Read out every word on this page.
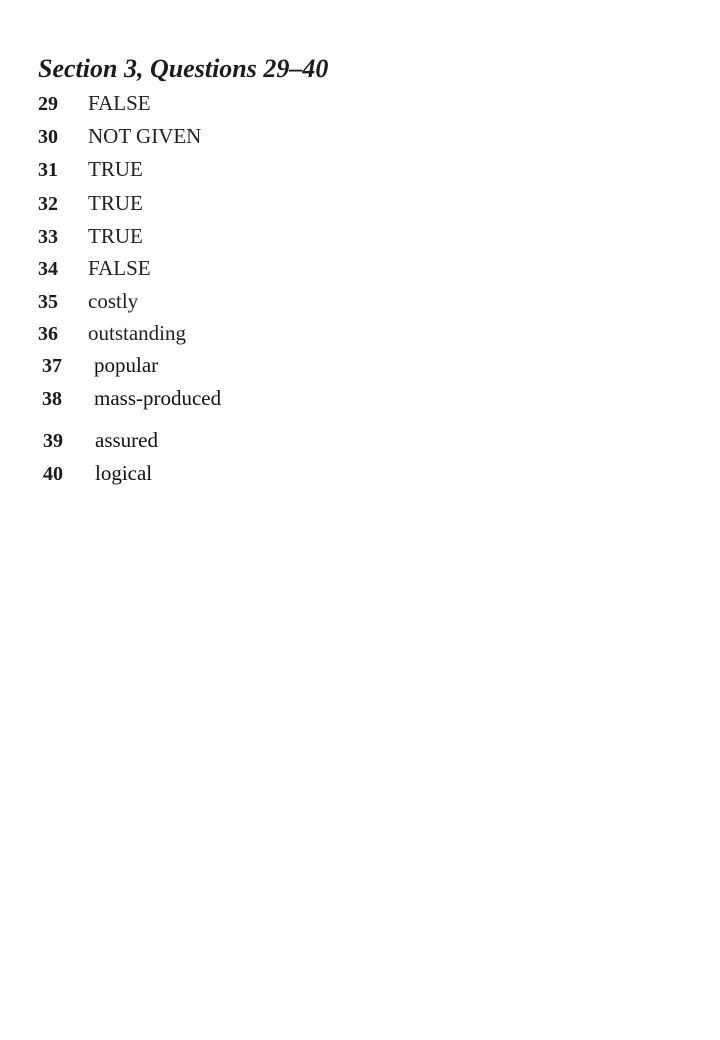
Section 3, Questions 29–40
29	FALSE
30	NOT GIVEN
31	TRUE
32	TRUE
33	TRUE
34	FALSE
35	costly
36	outstanding
37	popular
38	mass-produced
39	assured
40	logical
